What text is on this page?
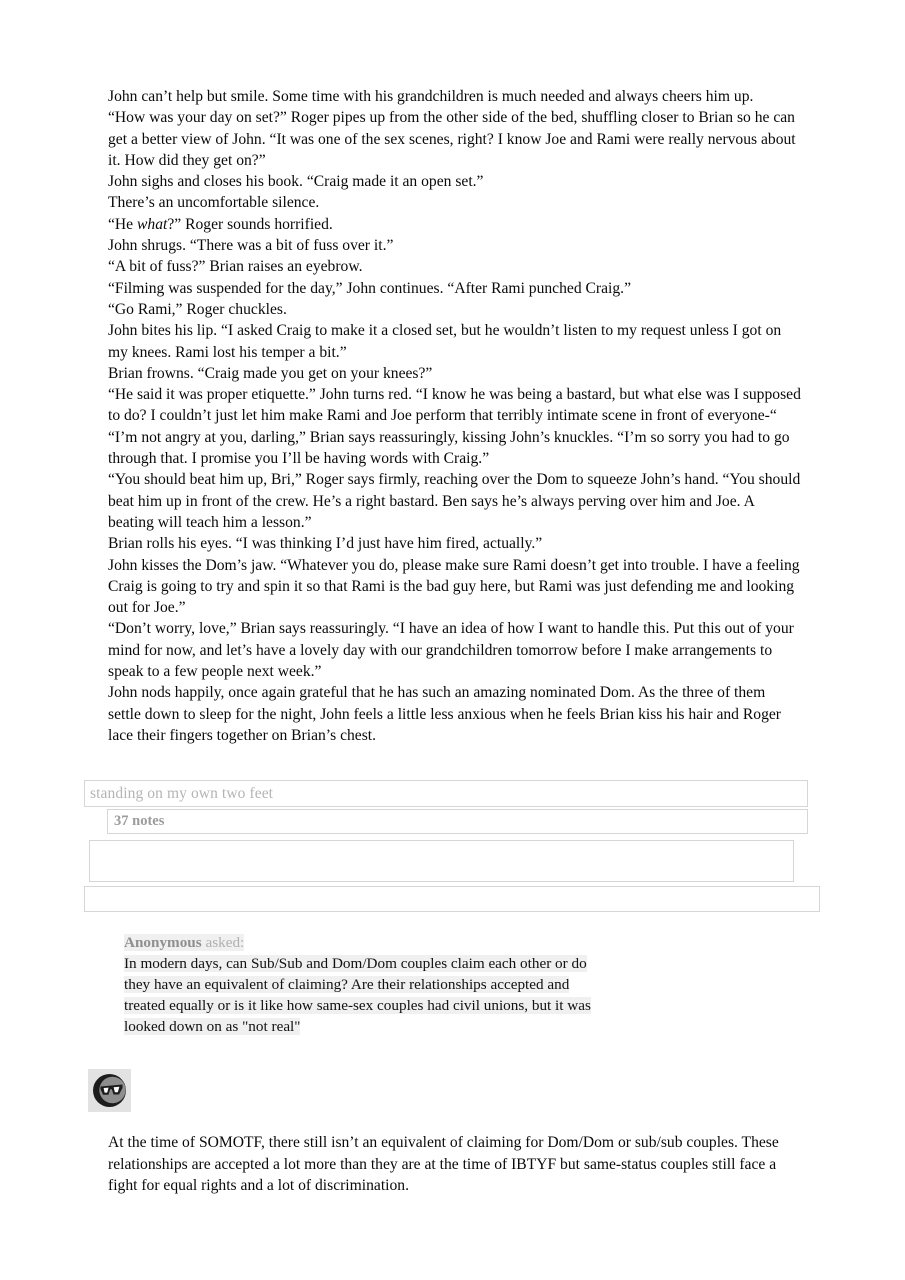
John can’t help but smile. Some time with his grandchildren is much needed and always cheers him up.

“How was your day on set?” Roger pipes up from the other side of the bed, shuffling closer to Brian so he can get a better view of John. “It was one of the sex scenes, right? I know Joe and Rami were really nervous about it. How did they get on?”

John sighs and closes his book. “Craig made it an open set.”

There’s an uncomfortable silence.

“He what?” Roger sounds horrified.

John shrugs. “There was a bit of fuss over it.”

“A bit of fuss?” Brian raises an eyebrow.

“Filming was suspended for the day,” John continues. “After Rami punched Craig.”

“Go Rami,” Roger chuckles.

John bites his lip. “I asked Craig to make it a closed set, but he wouldn’t listen to my request unless I got on my knees. Rami lost his temper a bit.”

Brian frowns. “Craig made you get on your knees?”

“He said it was proper etiquette.” John turns red. “I know he was being a bastard, but what else was I supposed to do? I couldn’t just let him make Rami and Joe perform that terribly intimate scene in front of everyone-“

“I’m not angry at you, darling,” Brian says reassuringly, kissing John’s knuckles. “I’m so sorry you had to go through that. I promise you I’ll be having words with Craig.”

“You should beat him up, Bri,” Roger says firmly, reaching over the Dom to squeeze John’s hand. “You should beat him up in front of the crew. He’s a right bastard. Ben says he’s always perving over him and Joe. A beating will teach him a lesson.”

Brian rolls his eyes. “I was thinking I’d just have him fired, actually.”

John kisses the Dom’s jaw. “Whatever you do, please make sure Rami doesn’t get into trouble. I have a feeling Craig is going to try and spin it so that Rami is the bad guy here, but Rami was just defending me and looking out for Joe.”

“Don’t worry, love,” Brian says reassuringly. “I have an idea of how I want to handle this. Put this out of your mind for now, and let’s have a lovely day with our grandchildren tomorrow before I make arrangements to speak to a few people next week.”

John nods happily, once again grateful that he has such an amazing nominated Dom. As the three of them settle down to sleep for the night, John feels a little less anxious when he feels Brian kiss his hair and Roger lace their fingers together on Brian’s chest.

standing on my own two feet
37 notes
Anonymous asked:
In modern days, can Sub/Sub and Dom/Dom couples claim each other or do
they have an equivalent of claiming? Are their relationships accepted and
treated equally or is it like how same-sex couples had civil unions, but it was
looked down on as "not real"

At the time of SOMOTF, there still isn’t an equivalent of claiming for Dom/Dom or sub/sub couples. These relationships are accepted a lot more than they are at the time of IBTYF but same-status couples still face a fight for equal rights and a lot of discrimination.
